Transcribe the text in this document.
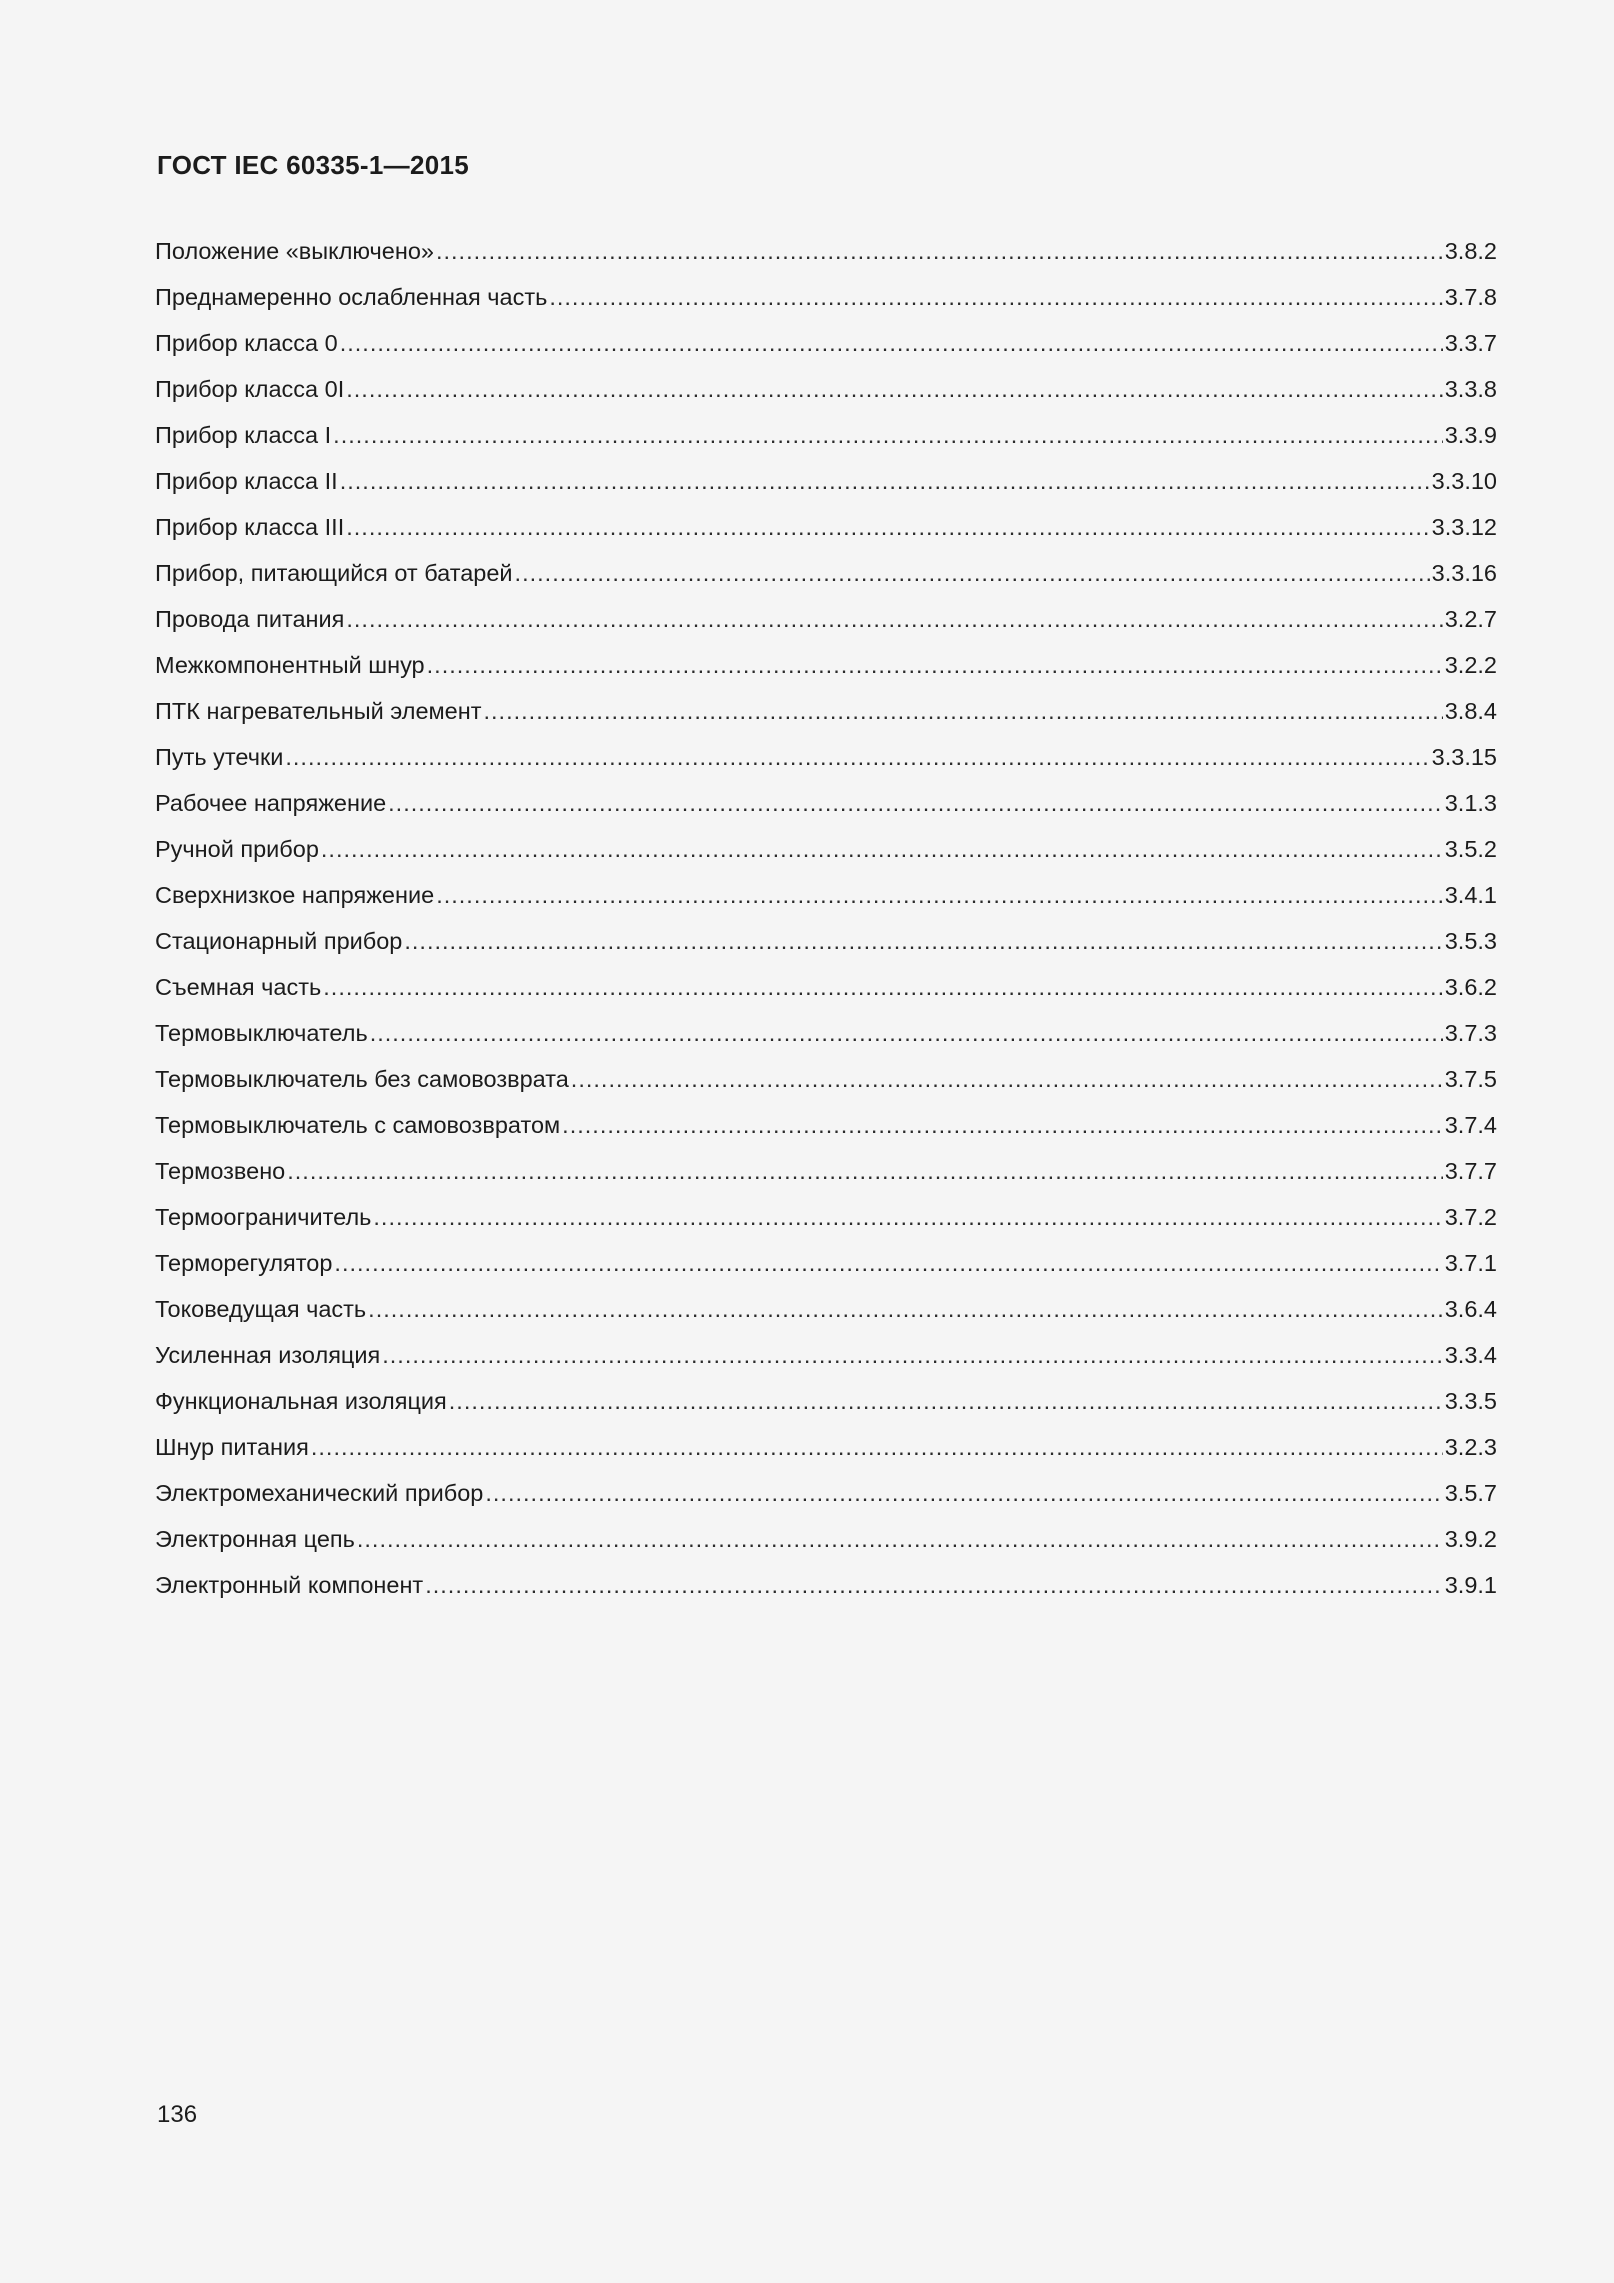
ГОСТ IEC 60335-1—2015
Положение «выключено» .....	3.8.2
Преднамеренно ослабленная часть .....	3.7.8
Прибор класса 0 .....	3.3.7
Прибор класса 0I .....	3.3.8
Прибор класса I .....	3.3.9
Прибор класса II .....	3.3.10
Прибор класса III .....	3.3.12
Прибор, питающийся от батарей .....	3.3.16
Провода питания .....	3.2.7
Межкомпонентный шнур .....	3.2.2
ПТК нагревательный элемент .....	3.8.4
Путь утечки .....	3.3.15
Рабочее напряжение .....	3.1.3
Ручной прибор .....	3.5.2
Сверхнизкое напряжение .....	3.4.1
Стационарный прибор .....	3.5.3
Съемная часть .....	3.6.2
Термовыключатель .....	3.7.3
Термовыключатель без самовозврата .....	3.7.5
Термовыключатель с самовозвратом .....	3.7.4
Термозвено .....	3.7.7
Термоограничитель .....	3.7.2
Терморегулятор .....	3.7.1
Токоведущая часть .....	3.6.4
Усиленная изоляция .....	3.3.4
Функциональная изоляция .....	3.3.5
Шнур питания .....	3.2.3
Электромеханический прибор .....	3.5.7
Электронная цепь .....	3.9.2
Электронный компонент .....	3.9.1
136
